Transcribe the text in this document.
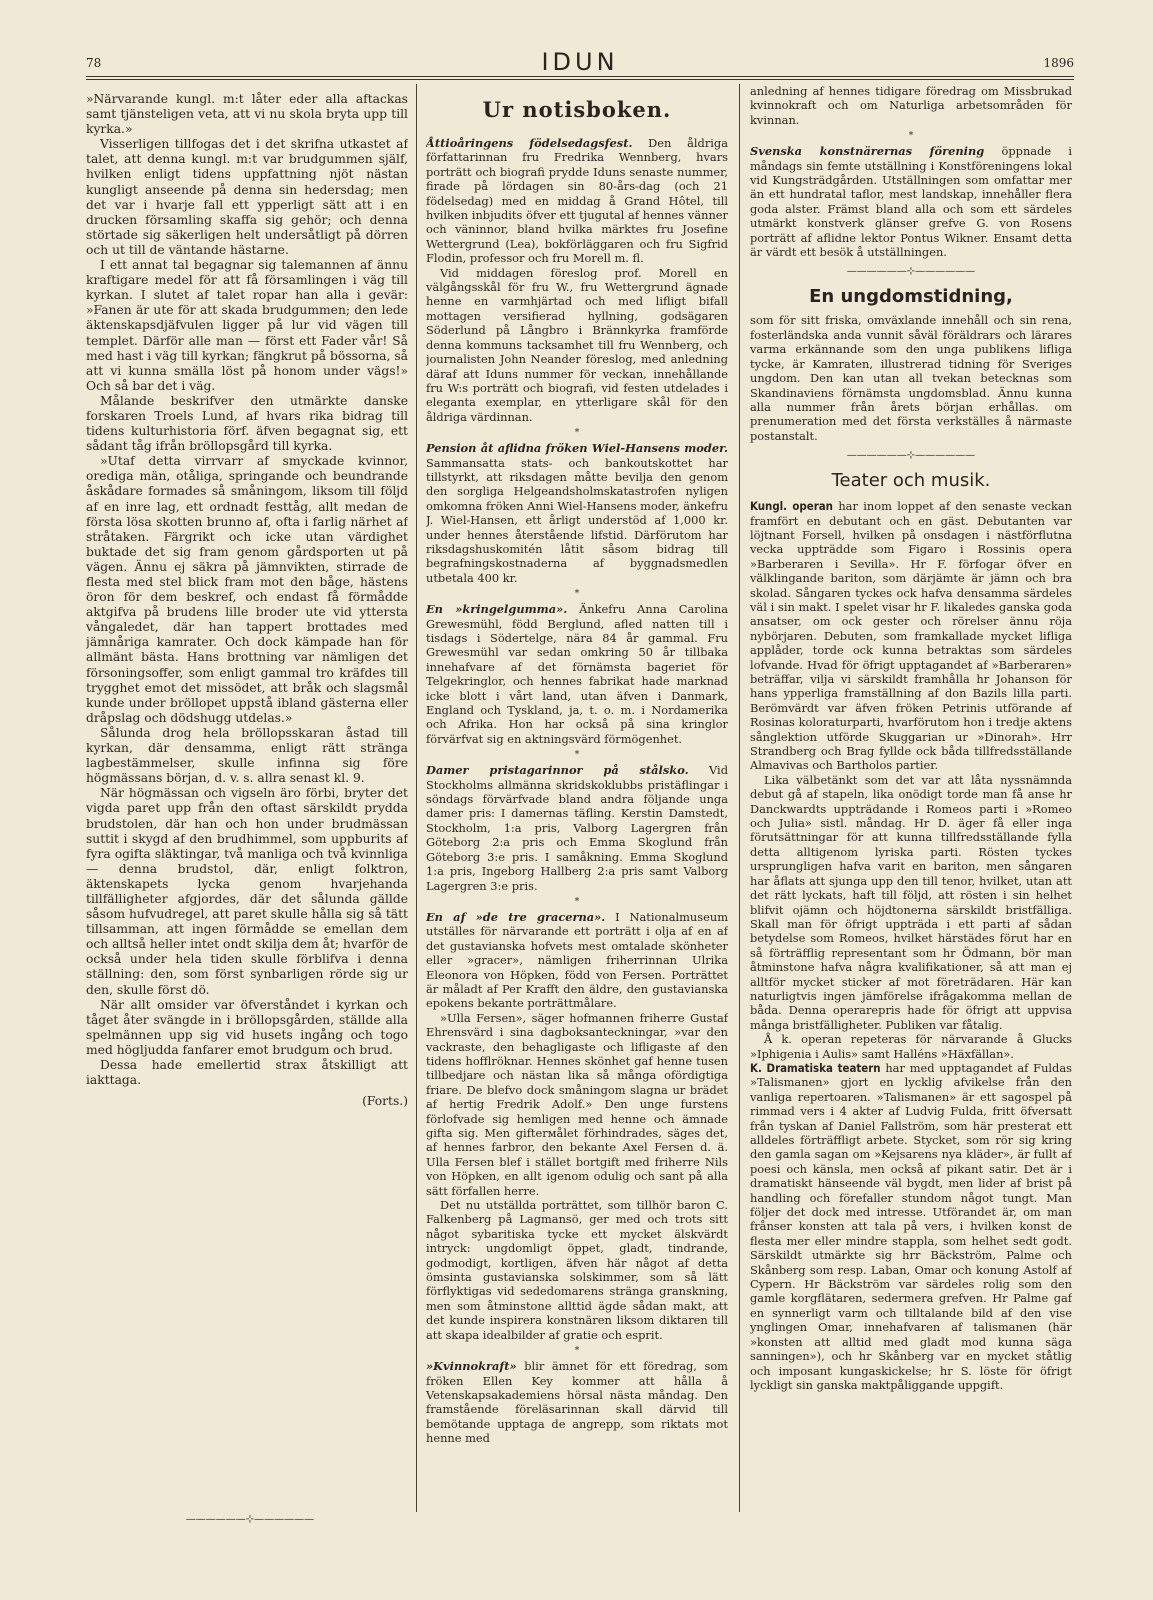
78	IDUN	1896

»Närvarande kungl. m:t låter eder alla aftackas samt tjänsteligen veta, att vi nu skola bryta upp till kyrka.»

Visserligen tillfogas det i det skrifna utkastet af talet, att denna kungl. m:t var brudgummen själf, hvilken enligt tidens uppfattning njöt nästan kungligt anseende på denna sin hedersdag; men det var i hvarje fall ett ypperligt sätt att i en drucken församling skaffa sig gehör; och denna störtade sig säkerligen helt undersåtligt på dörren och ut till de väntande hästarne.

I ett annat tal begagnar sig talemannen af ännu kraftigare medel för att få församlingen i väg till kyrkan. I slutet af talet ropar han alla i gevär: »Fanen är ute för att skada brudgummen; den lede äktenskapsdjäfvulen ligger på lur vid vägen till templet. Därför alle man — först ett Fader vår! Så med hast i väg till kyrkan; fängkrut på bössorna, så att vi kunna smälla löst på honom under vägs!» Och så bar det i väg.

Målande beskrifver den utmärkte danske forskaren Troels Lund, af hvars rika bidrag till tidens kulturhistoria förf. äfven begagnat sig, ett sådant tåg ifrån bröllopsgård till kyrka.

»Utaf detta virrvarr af smyckade kvinnor, orediga män, otåliga, springande och beundrande åskådare formades så småningom, liksom till följd af en inre lag, ett ordnadt festtåg, allt medan de första lösa skotten brunno af, ofta i farlig närhet af stråtaken. Färgrikt och icke utan värdighet buktade det sig fram genom gårdsporten ut på vägen. Ännu ej säkra på jämnvikten, stirrade de flesta med stel blick fram mot den båge, hästens öron för dem beskref, och endast få förmådde aktgifva på brudens lille broder ute vid yttersta vångaledet, där han tappert brottades med jämnåriga kamrater. Och dock kämpade han för allmänt bästa. Hans brottning var nämligen det försoningsoffer, som enligt gammal tro kräfdes till trygghet emot det missödet, att bråk och slagsmål kunde under bröllopet uppstå ibland gästerna eller dråpslag och dödshugg utdelas.»

Sålunda drog hela bröllopsskaran åstad till kyrkan, där densamma, enligt rätt stränga lagbestämmelser, skulle infinna sig före högmässans början, d. v. s. allra senast kl. 9.

När högmässan och vigseln äro förbi, bryter det vigda paret upp från den oftast särskildt prydda brudstolen, där han och hon under brudmässan suttit i skygd af den brudhimmel, som uppburits af fyra ogifta släktingar, två manliga och två kvinnliga — denna brudstol, där, enligt folktron, äktenskapets lycka genom hvarjehanda tillfälligheter afgjordes, där det sålunda gällde såsom hufvudregel, att paret skulle hålla sig så tätt tillsamman, att ingen förmådde se emellan dem och alltså heller intet ondt skilja dem åt; hvarför de också under hela tiden skulle förblifva i denna ställning: den, som först synbarligen rörde sig ur den, skulle först dö.

När allt omsider var öfverståndet i kyrkan och tåget åter svängde in i bröllopsgården, ställde alla spelmännen upp sig vid husets ingång och togo med högljudda fanfarer emot brudgum och brud.

Dessa hade emellertid strax åtskilligt att iakttaga.

(Forts.)
——————⊹——————
Ur notisboken.

Åttioåringens födelsedagsfest. Den åldriga författarinnan fru Fredrika Wennberg, hvars porträtt och biografi prydde Iduns senaste nummer, firade på lördagen sin 80-års-dag (och 21 födelsedag) med en middag å Grand Hôtel, till hvilken inbjudits öfver ett tjugutal af hennes vänner och väninnor, bland hvilka märktes fru Josefine Wettergrund (Lea), bokförläggaren och fru Sigfrid Flodin, professor och fru Morell m. fl.

Vid middagen föreslog prof. Morell en välgångsskål för fru W., fru Wettergrund ägnade henne en varmhjärtad och med lifligt bifall mottagen versifierad hyllning, godsägaren Söderlund på Långbro i Brännkyrka framförde denna kommuns tacksamhet till fru Wennberg, och journalisten John Neander föreslog, med anledning däraf att Iduns nummer för veckan, innehållande fru W:s porträtt och biografi, vid festen utdelades i elegantа exemplar, en ytterligare skål för den åldriga värdinnan.

*

Pension åt aflidna fröken Wiel-Hansens moder. Sammansatta stats- och bankoutskottet har tillstyrkt, att riksdagen måtte bevilja den genom den sorgliga Helgeandsholmskatastrofen nyligen omkomna fröken Anni Wiel-Hansens moder, änkefru J. Wiel-Hansen, ett årligt understöd af 1,000 kr. under hennes återstående lifstid. Därförutom har riksdagshuskomitén låtit såsom bidrag till begrafningskostnaderna af byggnadsmedlen utbetala 400 kr.

*

En »kringelgumma». Änkefru Anna Carolina Grewesmühl, född Berglund, afled natten till i tisdags i Södertelge, nära 84 år gammal. Fru Grewesmühl var sedan omkring 50 år tillbaka innehafvare af det förnämsta bageriet för Telgekringlor, och hennes fabrikat hade marknad icke blott i vårt land, utan äfven i Danmark, England och Tyskland, ja, t. o. m. i Nordamerika och Afrika. Hon har också på sina kringlor förvärfvat sig en aktningsvärd förmögenhet.

*

Damer pristagarinnor på stålsko. Vid Stockholms allmänna skridskoklubbs pristäflingar i söndags förvärfvade bland andra följande unga damer pris: I damernas täfling. Kerstin Damstedt, Stockholm, 1:a pris, Valborg Lagergren från Göteborg 2:a pris och Emma Skoglund från Göteborg 3:e pris. I samåkning. Emma Skoglund 1:a pris, Ingeborg Hallberg 2:a pris samt Valborg Lagergren 3:e pris.

*

En af »de tre gracerna». I Nationalmuseum utställes för närvarande ett porträtt i olja af en af det gustavianska hofvets mest omtalade skönheter eller »gracer», nämligen friherrinnan Ulrika Eleonora von Höpken, född von Fersen. Porträttet är måladt af Per Krafft den äldre, den gustavianska epokens bekante porträttmålare.

»Ulla Fersen», säger hofmannen friherre Gustaf Ehrensvärd i sina dagboksanteckningar, »var den vackraste, den behagligaste och lifligaste af den tidens hofflröknar. Hennes skönhet gaf henne tusen tillbedjare och nästan lika så många ofördigtiga friare. De blefvo dock småningom slagna ur brädet af hertig Fredrik Adolf.» Den unge furstens förlofvade sig hemligen med henne och ämnade gifta sig. Men gifterмålet förhindrades, säges det, af hennes farbror, den bekante Axel Fersen d. ä. Ulla Fersen blef i stället bortgift med friherre Nils von Höpken, en allt igenom odulig och sant på alla sätt förfallen herre.

Det nu utställda porträttet, som tillhör baron C. Falkenberg på Lagmansö, ger med och trots sitt något sybaritiska tycke ett mycket älskvärdt intryck: ungdomligt öppet, gladt, tindrande, godmodigt, kortligen, äfven här något af detta ömsinta gustavianska solskimmer, som så lätt förflyktigas vid sededomarens stränga granskning, men som åtminstone allttid ägde sådan makt, att det kunde inspirera konstnären liksom diktaren till att skapa idealbilder af gratie och esprit.

*

»Kvinnokraft» blir ämnet för ett föredrag, som fröken Ellen Key kommer att hålla å Vetenskapsakademiens hörsal nästa måndag. Den framstående föreläsarinnan skall därvid till bemötande upptaga de angrepp, som riktats mot henne med

anledning af hennes tidigare föredrag om Missbrukad kvinnokraft och om Naturliga arbetsområden för kvinnan.

*

Svenska konstnärernas förening öppnade i måndags sin femte utställning i Konstföreningens lokal vid Kungsträdgården. Utställningen som omfattar mer än ett hundratal taflor, mest landskap, innehåller flera goda alster. Främst bland alla och som ett särdeles utmärkt konstverk glänser grefve G. von Rosens porträtt af aflidne lektor Pontus Wikner. Ensamt detta är värdt ett besök å utställningen.

——————⊹——————
En ungdomstidning,

som för sitt friska, omväxlande innehåll och sin rena, fosterländska anda vunnit såväl föräldrars och lärares varma erkännande som den unga publikens lifliga tycke, är Kamraten, illustrerad tidning för Sveriges ungdom. Den kan utan all tvekan betecknas som Skandinaviens förnämsta ungdomsblad. Ännu kunna alla nummer från årets början erhållas. om prenumeration med det första verkställes å närmaste postanstalt.

——————⊹——————
Teater och musik.

Kungl. operan har inom loppet af den senaste veckan framfört en debutant och en gäst. Debutanten var löjtnant Forsell, hvilken på onsdagen i nästförflutna vecka uppträdde som Figaro i Rossinis opera »Barberaren i Sevilla». Hr F. förfogar öfver en välklingande bariton, som därjämte är jämn och bra skolad. Sångaren tyckes ock hafva densamma särdeles väl i sin makt. I spelet visar hr F. likaledes ganska goda ansatser, om ock gester och rörelser ännu röja nybörjaren. Debuten, som framkallade mycket lifliga applåder, torde ock kunna betraktas som särdeles lofvande. Hvad för öfrigt upptagandet af »Barberaren» beträffar, vilja vi särskildt framhålla hr Johanson för hans ypperliga framställning af don Bazils lilla parti. Berömvärdt var äfven fröken Petrinis utförande af Rosinas koloraturparti, hvarförutom hon i tredje aktens sånglektion utförde Skuggarian ur »Dinorah». Hrr Strandberg och Brag fyllde ock båda tillfredsställande Almavivas och Bartholos partier.

Lika välbetänkt som det var att låta nyssnämnda debut gå af stapeln, lika onödigt torde man få anse hr Danckwardts uppträdande i Romeos parti i »Romeo och Julia» sistl. måndag. Hr D. äger få eller inga förutsättningar för att kunna tillfredsställande fylla detta alltigenom lyriska parti. Rösten tyckes ursprungligen hafva varit en bariton, men sångaren har åflats att sjunga upp den till tenor, hvilket, utan att det rätt lyckats, haft till följd, att rösten i sin helhet blifvit ojämn och höjdtonerna särskildt bristfälliga. Skall man för öfrigt uppträda i ett parti af sådan betydelse som Romeos, hvilket härstädes förut har en så förträfflig representant som hr Ödmann, bör man åtminstone hafva några kvalifikationer, så att man ej alltför mycket sticker af mot företrädaren. Här kan naturligtvis ingen jämförelse ifrågakomma mellan de båda. Denna operarepris hade för öfrigt att uppvisa många bristfälligheter. Publiken var fåtalig.

Å k. operan repeteras för närvarande å Glucks »Iphigenia i Aulis» samt Halléns »Häxfällan».

K. Dramatiska teatern har med upptagandet af Fuldas »Talismanen» gjort en lycklig afvikelse från den vanliga repertoaren. »Talismanen» är ett sagospel på rimmad vers i 4 akter af Ludvig Fulda, fritt öfversatt från tyskan af Daniel Fallström, som här presterat ett alldeles förträffligt arbete. Stycket, som rör sig kring den gamla sagan om »Kejsarens nya kläder», är fullt af poesi och känsla, men också af pikant satir. Det är i dramatiskt hänseende väl bygdt, men lider af brist på handling och förefaller stundom något tungt. Man följer det dock med intresse. Utförandet är, om man frånser konsten att tala på vers, i hvilken konst de flesta mer eller mindre stappla, som helhet sedt godt. Särskildt utmärkte sig hrr Bäckström, Palme och Skånberg som resp. Laban, Omar och konung Astolf af Cypern. Hr Bäckström var särdeles rolig som den gamle korgflätaren, sedermera grefven. Hr Palme gaf en synnerligt varm och tilltalande bild af den vise ynglingen Omar, innehafvaren af talismanen (här »konsten att alltid med gladt mod kunna säga sanningen»), och hr Skånberg var en mycket ståtlig och imposant kungaskickelse; hr S. löste för öfrigt lyckligt sin ganska maktpåliggande uppgift.
